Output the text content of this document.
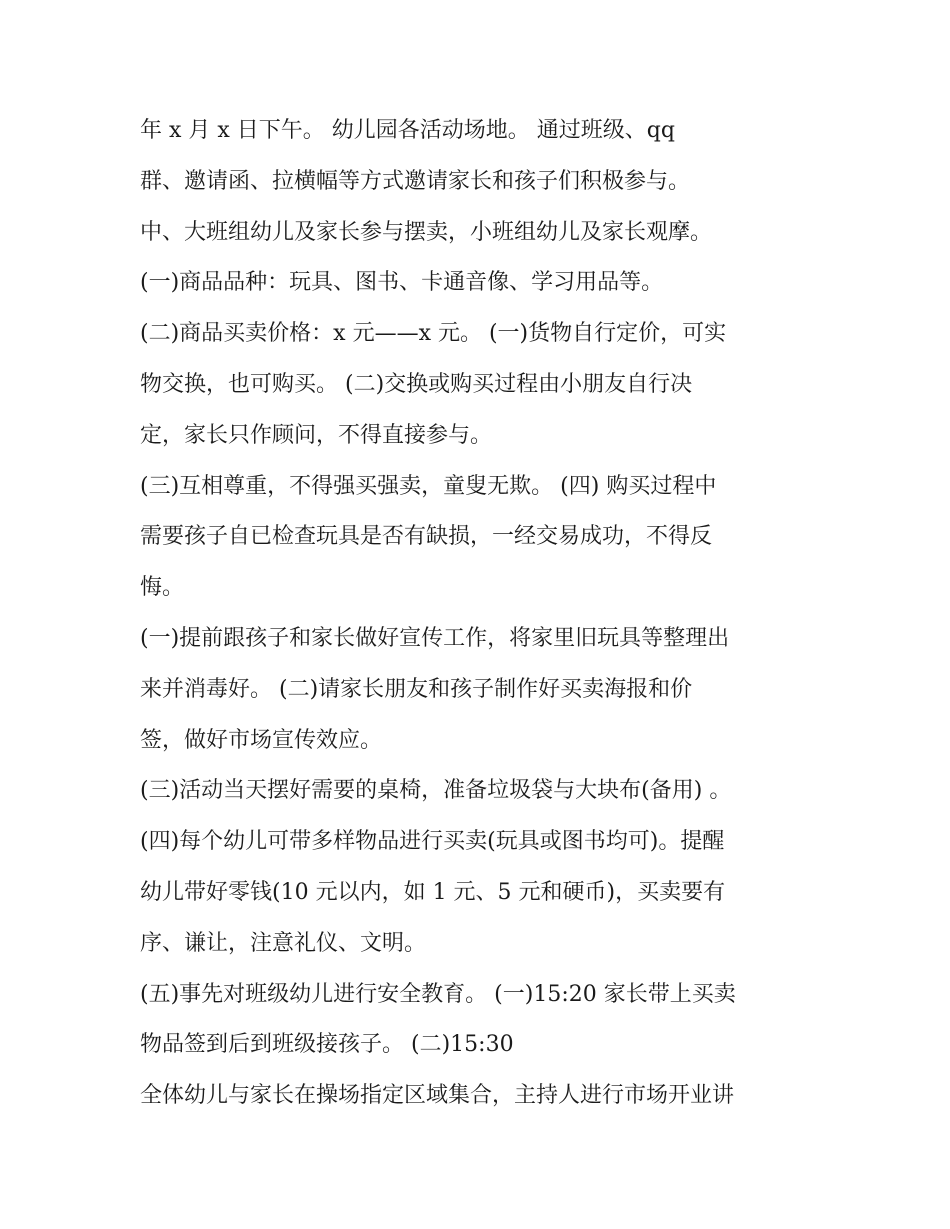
年 x 月 x 日下午。 幼儿园各活动场地。 通过班级、qq
群、邀请函、拉横幅等方式邀请家长和孩子们积极参与。
中、大班组幼儿及家长参与摆卖，小班组幼儿及家长观摩。
(一)商品品种：玩具、图书、卡通音像、学习用品等。
(二)商品买卖价格：x 元——x 元。 (一)货物自行定价，可实
物交换，也可购买。 (二)交换或购买过程由小朋友自行决
定，家长只作顾问，不得直接参与。
(三)互相尊重，不得强买强卖，童叟无欺。 (四) 购买过程中
需要孩子自已检查玩具是否有缺损，一经交易成功，不得反
悔。
(一)提前跟孩子和家长做好宣传工作，将家里旧玩具等整理出
来并消毒好。 (二)请家长朋友和孩子制作好买卖海报和价
签，做好市场宣传效应。
(三)活动当天摆好需要的桌椅，准备垃圾袋与大块布(备用) 。
(四)每个幼儿可带多样物品进行买卖(玩具或图书均可)。提醒
幼儿带好零钱(10 元以内，如 1 元、5 元和硬币)，买卖要有
序、谦让，注意礼仪、文明。
(五)事先对班级幼儿进行安全教育。 (一)15:20 家长带上买卖
物品签到后到班级接孩子。 (二)15:30
全体幼儿与家长在操场指定区域集合，主持人进行市场开业讲
